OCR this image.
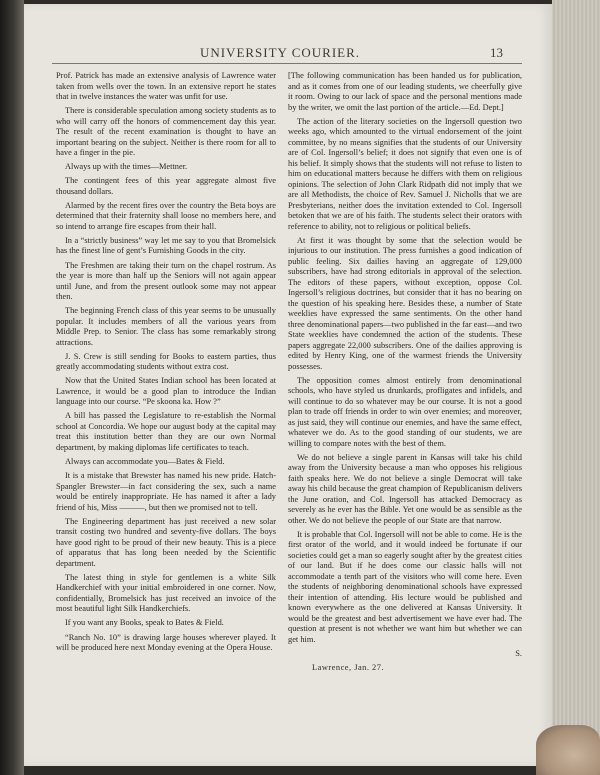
UNIVERSITY COURIER.	13

Prof. Patrick has made an extensive analysis of Lawrence water taken from wells over the town. In an extensive report he states that in twelve instances the water was unfit for use.

There is considerable speculation among society students as to who will carry off the honors of commencement day this year. The result of the recent examination is thought to have an important bearing on the subject. Neither is there room for all to have a finger in the pie.

Always up with the times—Mettner.

The contingent fees of this year aggregate almost five thousand dollars.

Alarmed by the recent fires over the country the Beta boys are determined that their fraternity shall loose no members here, and so intend to arrange fire escapes from their hall.

In a “strictly business” way let me say to you that Bromelsick has the finest line of gent’s Furnishing Goods in the city.

The Freshmen are taking their turn on the chapel rostrum. As the year is more than half up the Seniors will not again appear until June, and from the present outlook some may not appear then.

The beginning French class of this year seems to be unusually popular. It includes members of all the various years from Middle Prep. to Senior. The class has some remarkably strong attractions.

J. S. Crew is still sending for Books to eastern parties, thus greatly accommodating students without extra cost.

Now that the United States Indian school has been located at Lawrence, it would be a good plan to introduce the Indian language into our course. “Pe skoona ka. How ?”

A bill has passed the Legislature to re-establish the Normal school at Concordia. We hope our august body at the capital may treat this institution better than they are our own Normal department, by making diplomas life certificates to teach.

Always can accommodate you—Bates & Field.

It is a mistake that Brewster has named his new pride. Hatch-Spangler Brewster—in fact considering the sex, such a name would be entirely inappropriate. He has named it after a lady friend of his, Miss ———, but then we promised not to tell.

The Engineering department has just received a new solar transit costing two hundred and seventy-five dollars. The boys have good right to be proud of their new beauty. This is a piece of apparatus that has long been needed by the Scientific department.

The latest thing in style for gentlemen is a white Silk Handkerchief with your initial embroidered in one corner. Now, confidentially, Bromelsick has just received an invoice of the most beautiful light Silk Handkerchiefs.

If you want any Books, speak to Bates & Field.

“Ranch No. 10” is drawing large houses wherever played. It will be produced here next Monday evening at the Opera House.

[The following communication has been handed us for publication, and as it comes from one of our leading students, we cheerfully give it room. Owing to our lack of space and the personal mentions made by the writer, we omit the last portion of the article.—Ed. Dept.]

The action of the literary societies on the Ingersoll question two weeks ago, which amounted to the virtual endorsement of the joint committee, by no means signifies that the students of our University are of Col. Ingersoll’s belief; it does not signify that even one is of his belief. It simply shows that the students will not refuse to listen to him on educational matters because he differs with them on religious opinions. The selection of John Clark Ridpath did not imply that we are all Methodists, the choice of Rev. Samuel J. Nicholls that we are Presbyterians, neither does the invitation extended to Col. Ingersoll betoken that we are of his faith. The students select their orators with reference to ability, not to religious or political beliefs.

At first it was thought by some that the selection would be injurious to our institution. The press furnishes a good indication of public feeling. Six dailies having an aggregate of 129,000 subscribers, have had strong editorials in approval of the selection. The editors of these papers, without exception, oppose Col. Ingersoll’s religious doctrines, but consider that it has no bearing on the question of his speaking here. Besides these, a number of State weeklies have expressed the same sentiments. On the other hand three denominational papers—two published in the far east—and two State weeklies have condemned the action of the students. These papers aggregate 22,000 subscribers. One of the dailies approving is edited by Henry King, one of the warmest friends the University possesses.

The opposition comes almost entirely from denominational schools, who have styled us drunkards, profligates and infidels, and will continue to do so whatever may be our course. It is not a good plan to trade off friends in order to win over enemies; and moreover, as just said, they will continue our enemies, and have the same effect, whatever we do. As to the good standing of our students, we are willing to compare notes with the best of them.

We do not believe a single parent in Kansas will take his child away from the University because a man who opposes his religious faith speaks here. We do not believe a single Democrat will take away his child because the great champion of Republicanism delivers the June oration, and Col. Ingersoll has attacked Democracy as severely as he ever has the Bible. Yet one would be as sensible as the other. We do not believe the people of our State are that narrow.

It is probable that Col. Ingersoll will not be able to come. He is the first orator of the world, and it would indeed be fortunate if our societies could get a man so eagerly sought after by the greatest cities of our land. But if he does come our classic halls will not accommodate a tenth part of the visitors who will come here. Even the students of neighboring denominational schools have expressed their intention of attending. His lecture would be published and known everywhere as the one delivered at Kansas University. It would be the greatest and best advertisement we have ever had. The question at present is not whether we want him but whether we can get him.

S.

Lawrence, Jan. 27.
